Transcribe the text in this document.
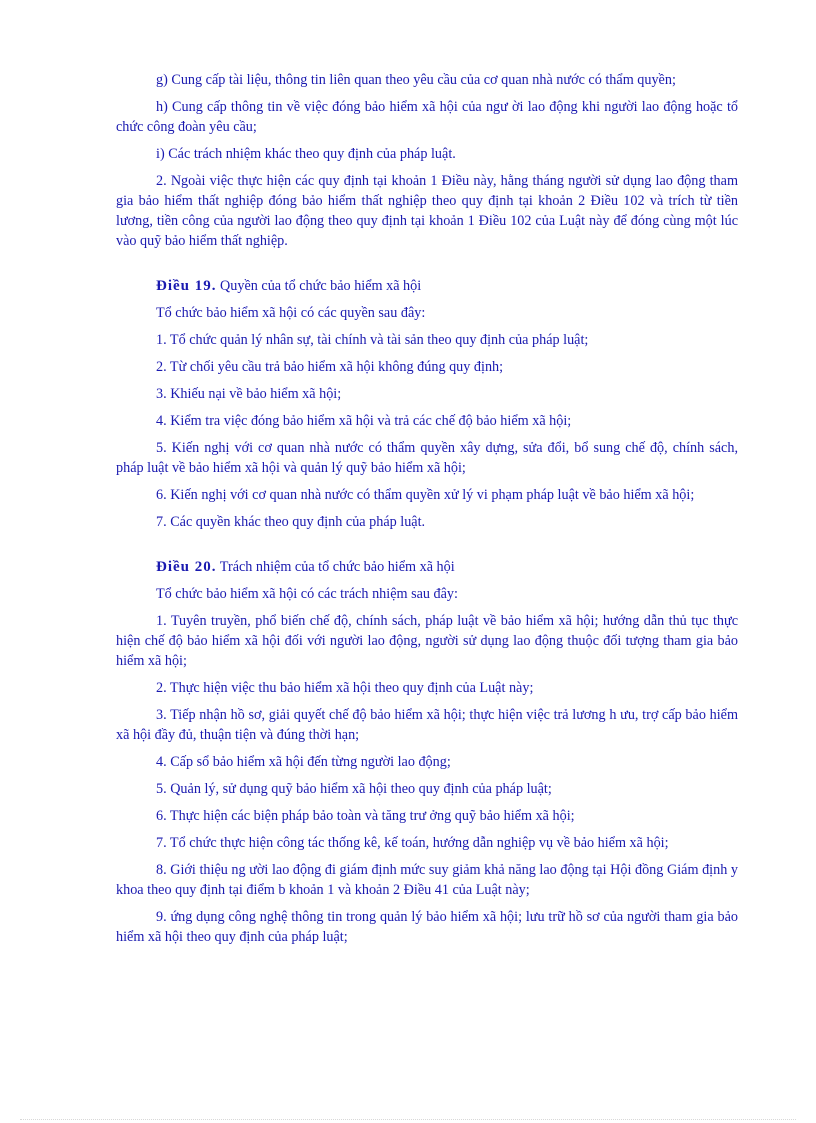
g) Cung cấp tài liệu, thông tin liên quan theo yêu cầu của cơ quan nhà nước có thẩm quyền;

h) Cung cấp thông tin về việc đóng bảo hiểm xã hội của ngư ời lao động khi người lao động hoặc tổ chức công đoàn yêu cầu;

i) Các trách nhiệm khác theo quy định của pháp luật.

2. Ngoài việc thực hiện các quy định tại khoản 1 Điều này, hằng tháng người sử dụng lao động tham gia bảo hiểm thất nghiệp đóng bảo hiểm thất nghiệp theo quy định tại khoản 2 Điều 102 và trích từ tiền lương, tiền công của người lao động theo quy định tại khoản 1 Điều 102 của Luật này để đóng cùng một lúc vào quỹ bảo hiểm thất nghiệp.

Điều 19. Quyền của tổ chức bảo hiểm xã hội

Tổ chức bảo hiểm xã hội có các quyền sau đây:

1. Tổ chức quản lý nhân sự, tài chính và tài sản theo quy định của pháp luật;

2. Từ chối yêu cầu trả bảo hiểm xã hội không đúng quy định;

3. Khiếu nại về bảo hiểm xã hội;

4. Kiểm tra việc đóng bảo hiểm xã hội và trả các chế độ bảo hiểm xã hội;

5. Kiến nghị với cơ quan nhà nước có thẩm quyền xây dựng, sửa đổi, bổ sung chế độ, chính sách, pháp luật về bảo hiểm xã hội và quản lý quỹ bảo hiểm xã hội;

6. Kiến nghị với cơ quan nhà nước có thẩm quyền xử lý vi phạm pháp luật về bảo hiểm xã hội;

7. Các quyền khác theo quy định của pháp luật.

Điều 20. Trách nhiệm của tổ chức bảo hiểm xã hội

Tổ chức bảo hiểm xã hội có các trách nhiệm sau đây:

1. Tuyên truyền, phổ biến chế độ, chính sách, pháp luật về bảo hiểm xã hội; hướng dẫn thủ tục thực hiện chế độ bảo hiểm xã hội đối với người lao động, người sử dụng lao động thuộc đối tượng tham gia bảo hiểm xã hội;

2. Thực hiện việc thu bảo hiểm xã hội theo quy định của Luật này;

3. Tiếp nhận hồ sơ, giải quyết chế độ bảo hiểm xã hội; thực hiện việc trả lương h ưu, trợ cấp bảo hiểm xã hội đầy đủ, thuận tiện và đúng thời hạn;

4. Cấp sổ bảo hiểm xã hội đến từng người lao động;

5. Quản lý, sử dụng quỹ bảo hiểm xã hội theo quy định của pháp luật;

6. Thực hiện các biện pháp bảo toàn và tăng trư ởng quỹ bảo hiểm xã hội;

7. Tổ chức thực hiện công tác thống kê, kế toán, hướng dẫn nghiệp vụ về bảo hiểm xã hội;

8. Giới thiệu ng ười lao động đi giám định mức suy giảm khả năng lao động tại Hội đồng Giám định y khoa theo quy định tại điểm b khoản 1 và khoản 2 Điều 41 của Luật này;

9. ứng dụng công nghệ thông tin trong quản lý bảo hiểm xã hội; lưu trữ hồ sơ của người tham gia bảo hiểm xã hội theo quy định của pháp luật;
